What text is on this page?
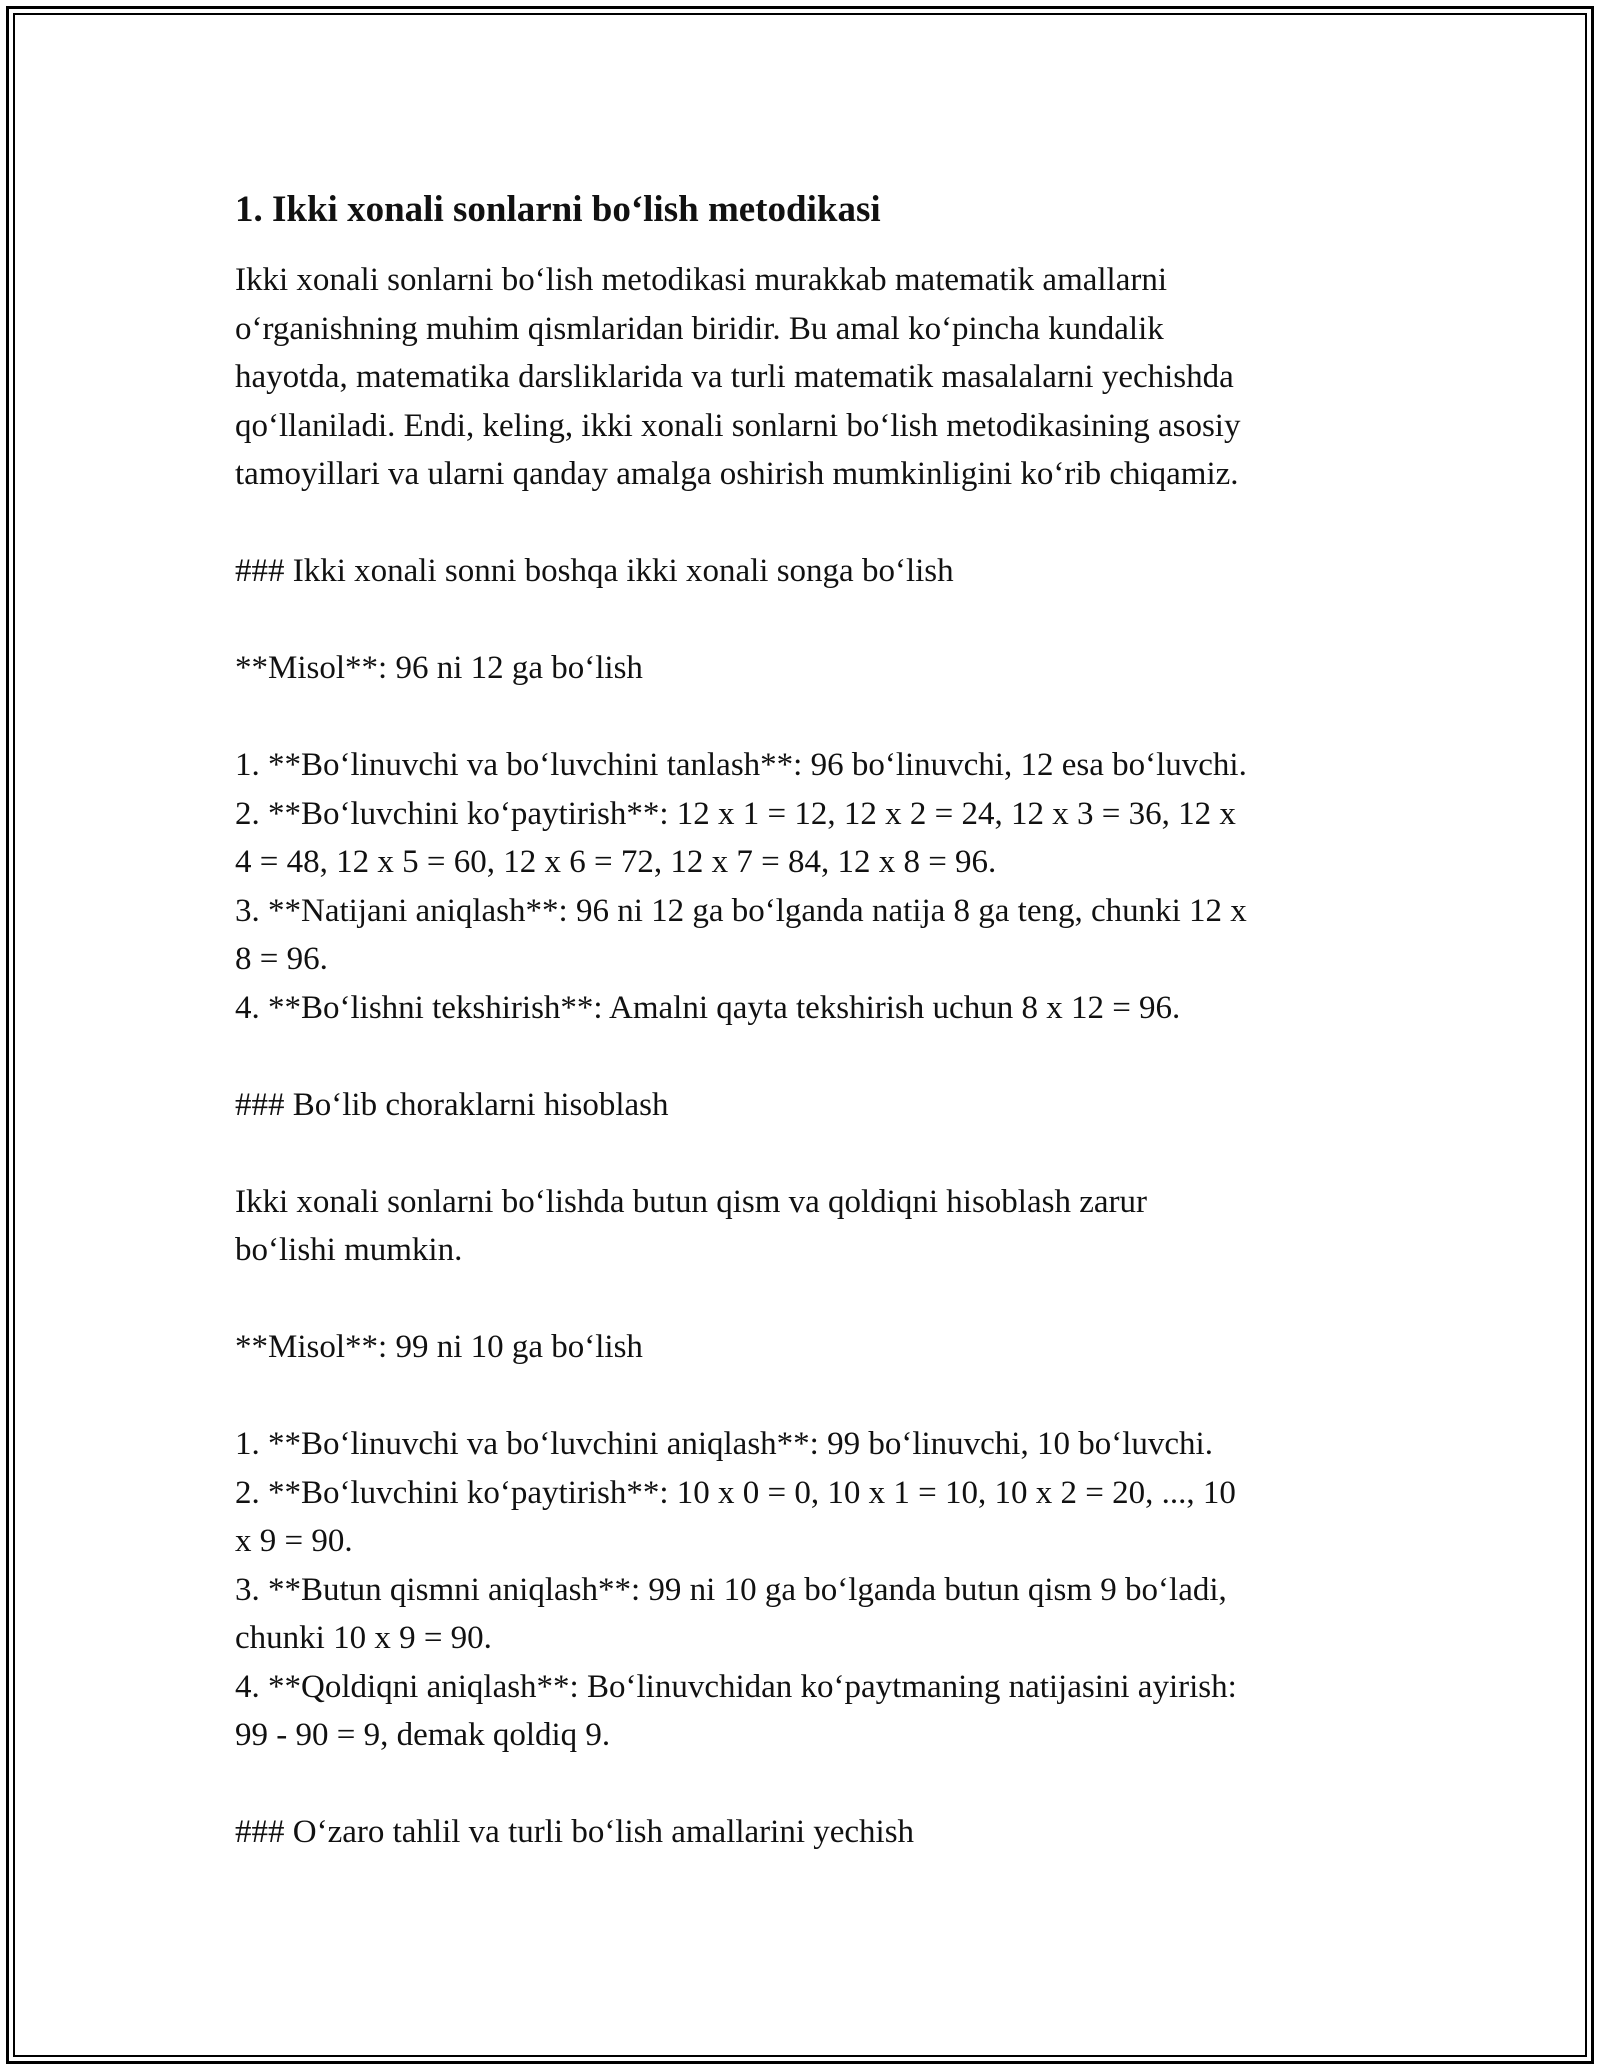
1. Ikki xonali sonlarni bo‘lish metodikasi

Ikki xonali sonlarni bo‘lish metodikasi murakkab matematik amallarni

o‘rganishning muhim qismlaridan biridir. Bu amal ko‘pincha kundalik

hayotda, matematika darsliklarida va turli matematik masalalarni yechishda

qo‘llaniladi. Endi, keling, ikki xonali sonlarni bo‘lish metodikasining asosiy

tamoyillari va ularni qanday amalga oshirish mumkinligini ko‘rib chiqamiz.

### Ikki xonali sonni boshqa ikki xonali songa bo‘lish

**Misol**: 96 ni 12 ga bo‘lish

1. **Bo‘linuvchi va bo‘luvchini tanlash**: 96 bo‘linuvchi, 12 esa bo‘luvchi.

2. **Bo‘luvchini ko‘paytirish**: 12 x 1 = 12, 12 x 2 = 24, 12 x 3 = 36, 12 x

4 = 48, 12 x 5 = 60, 12 x 6 = 72, 12 x 7 = 84, 12 x 8 = 96.

3. **Natijani aniqlash**: 96 ni 12 ga bo‘lganda natija 8 ga teng, chunki 12 x

8 = 96.

4. **Bo‘lishni tekshirish**: Amalni qayta tekshirish uchun 8 x 12 = 96.

### Bo‘lib choraklarni hisoblash

Ikki xonali sonlarni bo‘lishda butun qism va qoldiqni hisoblash zarur

bo‘lishi mumkin.

**Misol**: 99 ni 10 ga bo‘lish

1. **Bo‘linuvchi va bo‘luvchini aniqlash**: 99 bo‘linuvchi, 10 bo‘luvchi.

2. **Bo‘luvchini ko‘paytirish**: 10 x 0 = 0, 10 x 1 = 10, 10 x 2 = 20, ..., 10

x 9 = 90.

3. **Butun qismni aniqlash**: 99 ni 10 ga bo‘lganda butun qism 9 bo‘ladi,

chunki 10 x 9 = 90.

4. **Qoldiqni aniqlash**: Bo‘linuvchidan ko‘paytmaning natijasini ayirish:

99 - 90 = 9, demak qoldiq 9.

### O‘zaro tahlil va turli bo‘lish amallarini yechish
